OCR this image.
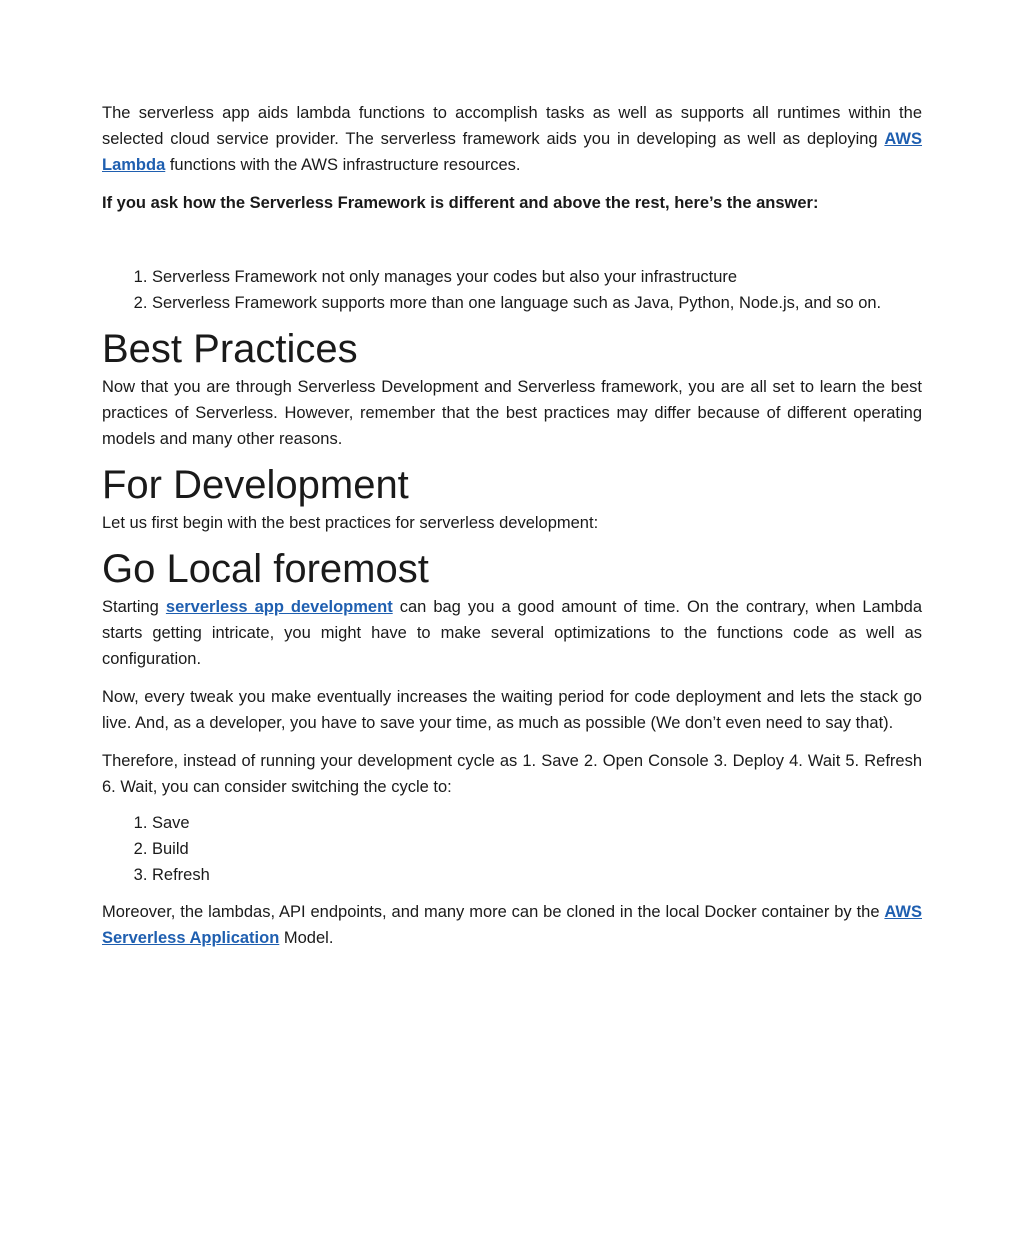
The serverless app aids lambda functions to accomplish tasks as well as supports all runtimes within the selected cloud service provider. The serverless framework aids you in developing as well as deploying AWS Lambda functions with the AWS infrastructure resources.

If you ask how the Serverless Framework is different and above the rest, here’s the answer:

1. Serverless Framework not only manages your codes but also your infrastructure
2. Serverless Framework supports more than one language such as Java, Python, Node.js, and so on.
Best Practices

Now that you are through Serverless Development and Serverless framework, you are all set to learn the best practices of Serverless. However, remember that the best practices may differ because of different operating models and many other reasons.

For Development

Let us first begin with the best practices for serverless development:

Go Local foremost

Starting serverless app development can bag you a good amount of time. On the contrary, when Lambda starts getting intricate, you might have to make several optimizations to the functions code as well as configuration.

Now, every tweak you make eventually increases the waiting period for code deployment and lets the stack go live. And, as a developer, you have to save your time, as much as possible (We don’t even need to say that).

Therefore, instead of running your development cycle as 1. Save 2. Open Console 3. Deploy 4. Wait 5. Refresh 6. Wait, you can consider switching the cycle to:

1. Save
2. Build
3. Refresh

Moreover, the lambdas, API endpoints, and many more can be cloned in the local Docker container by the AWS Serverless Application Model.
